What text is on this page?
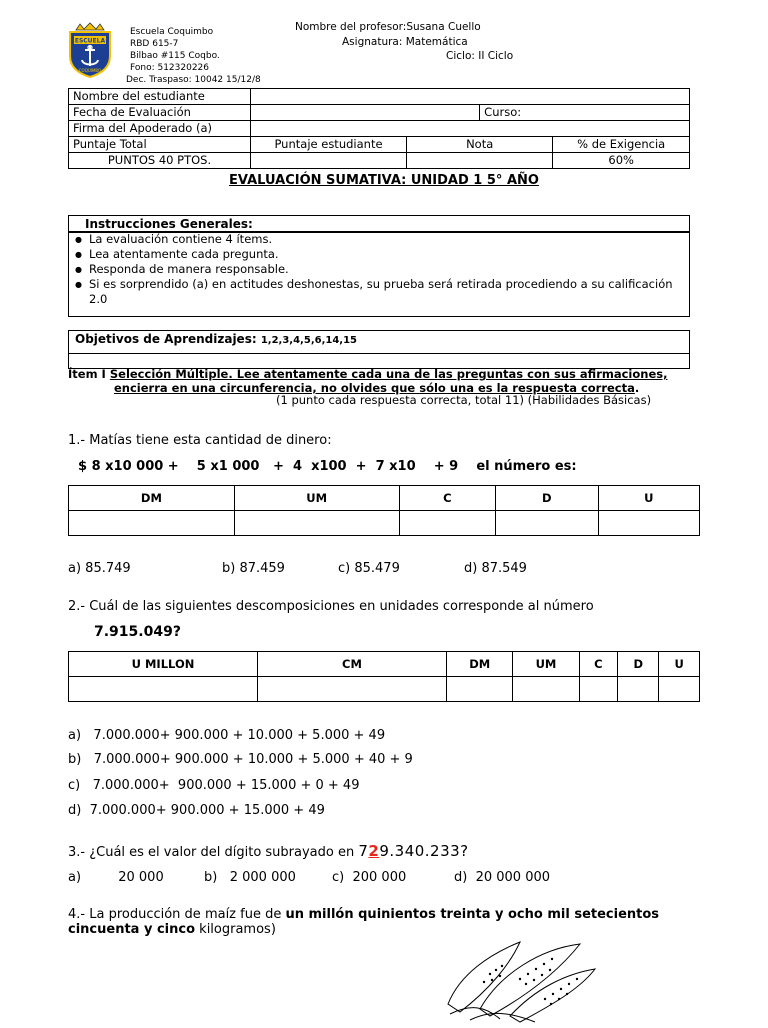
ESCUELA
COQUIMBO
Escuela Coquimbo
RBD 615-7
Bilbao #115 Coqbo.
Fono: 512320226
Dec. Traspaso: 10042 15/12/8
Nombre del profesor:Susana Cuello
Asignatura: Matemática
Ciclo: II Ciclo
Nombre del estudiante				
Fecha de Evaluación			Curso:	
Firma del Apoderado (a)				
Puntaje Total	Puntaje estudiante	Nota		% de Exigencia
PUNTOS 40 PTOS.				60%
EVALUACIÓN SUMATIVA: UNIDAD 1 5° AÑO
Instrucciones Generales:
● La evaluación contiene 4 ítems.
● Lea atentamente cada pregunta.
● Responda de manera responsable.
● Si es sorprendido (a) en actitudes deshonestas, su prueba será retirada procediendo a su calificación 2.0
Objetivos de Aprendizajes: 1,2,3,4,5,6,14,15
Ítem I Selección Múltiple. Lee atentamente cada una de las preguntas con sus afirmaciones,
encierra en una circunferencia, no olvides que sólo una es la respuesta correcta.
(1 punto cada respuesta correcta, total 11) (Habilidades Básicas)
1.- Matías tiene esta cantidad de dinero:
$ 8 x10 000 +    5 x1 000   +  4  x100  +  7 x10    + 9    el número es:
DM	UM	C	D	U

a) 85.749	b) 87.459	c) 85.479	d) 87.549
2.- Cuál de las siguientes descomposiciones en unidades corresponde al número
7.915.049?
U MILLON	CM	DM	UM	C	D	U

a)   7.000.000+ 900.000 + 10.000 + 5.000 + 49
b)   7.000.000+ 900.000 + 10.000 + 5.000 + 40 + 9
c)   7.000.000+  900.000 + 15.000 + 0 + 49
d)  7.000.000+ 900.000 + 15.000 + 49
3.- ¿Cuál es el valor del dígito subrayado en 729.340.233?
a)         20 000	b)   2 000 000	c)  200 000	d)  20 000 000
4.- La producción de maíz fue de un millón quinientos treinta y ocho mil setecientos cincuenta y cinco kilogramos)
